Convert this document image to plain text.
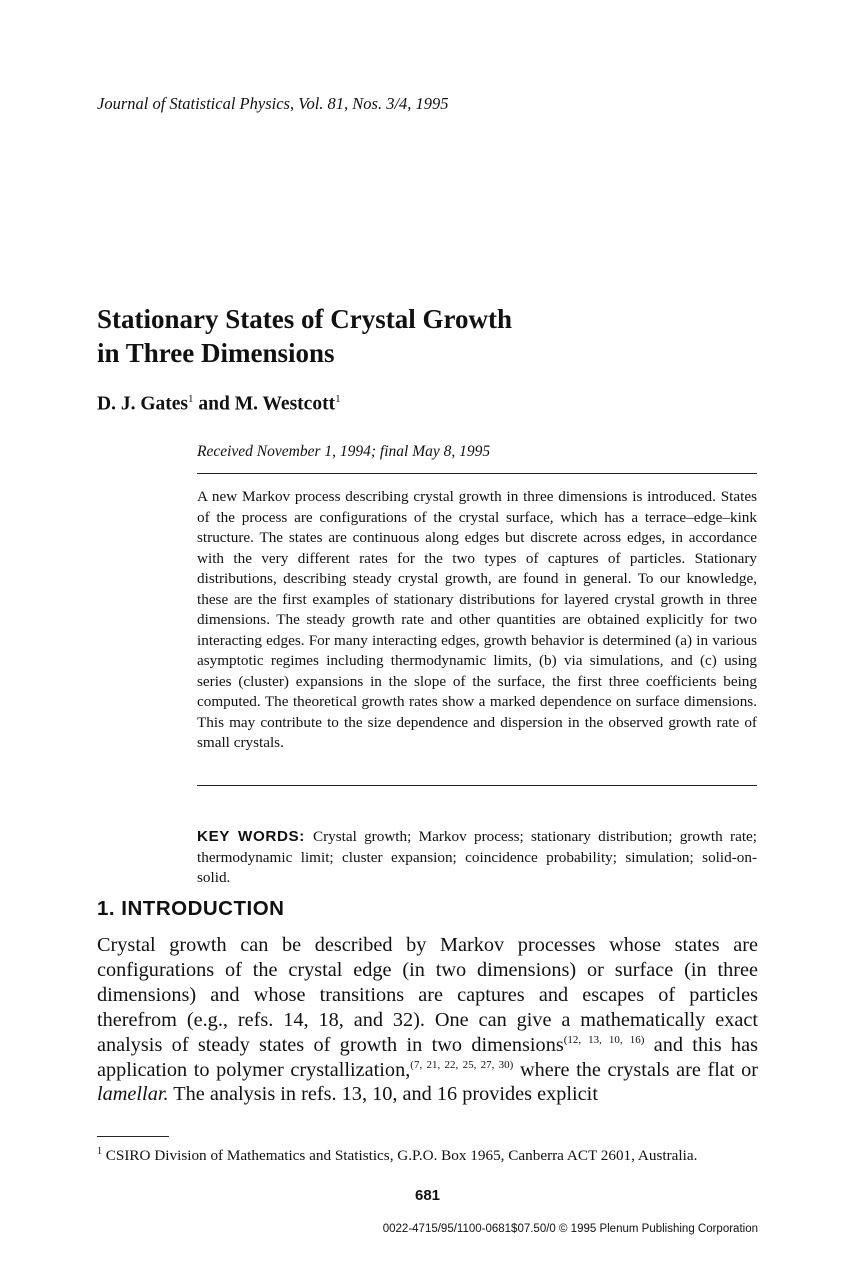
Journal of Statistical Physics, Vol. 81, Nos. 3/4, 1995
Stationary States of Crystal Growth
in Three Dimensions
D. J. Gates$^1$ and M. Westcott$^1$
Received November 1, 1994; final May 8, 1995
A new Markov process describing crystal growth in three dimensions is introduced. States of the process are configurations of the crystal surface, which has a terrace–edge–kink structure. The states are continuous along edges but discrete across edges, in accordance with the very different rates for the two types of captures of particles. Stationary distributions, describing steady crystal growth, are found in general. To our knowledge, these are the first examples of stationary distributions for layered crystal growth in three dimensions. The steady growth rate and other quantities are obtained explicitly for two interacting edges. For many interacting edges, growth behavior is determined (a) in various asymptotic regimes including thermodynamic limits, (b) via simulations, and (c) using series (cluster) expansions in the slope of the surface, the first three coefficients being computed. The theoretical growth rates show a marked dependence on surface dimensions. This may contribute to the size dependence and dispersion in the observed growth rate of small crystals.
KEY WORDS: Crystal growth; Markov process; stationary distribution; growth rate; thermodynamic limit; cluster expansion; coincidence probability; simulation; solid-on-solid.
1. INTRODUCTION
Crystal growth can be described by Markov processes whose states are configurations of the crystal edge (in two dimensions) or surface (in three dimensions) and whose transitions are captures and escapes of particles therefrom (e.g., refs. 14, 18, and 32). One can give a mathematically exact analysis of steady states of growth in two dimensions$^{(12, 13, 10, 16)}$ and this has application to polymer crystallization,$^{(7, 21, 22, 25, 27, 30)}$ where the crystals are flat or lamellar. The analysis in refs. 13, 10, and 16 provides explicit
$^1$ CSIRO Division of Mathematics and Statistics, G.P.O. Box 1965, Canberra ACT 2601, Australia.
681
0022-4715/95/1100-0681$07.50/0 © 1995 Plenum Publishing Corporation
